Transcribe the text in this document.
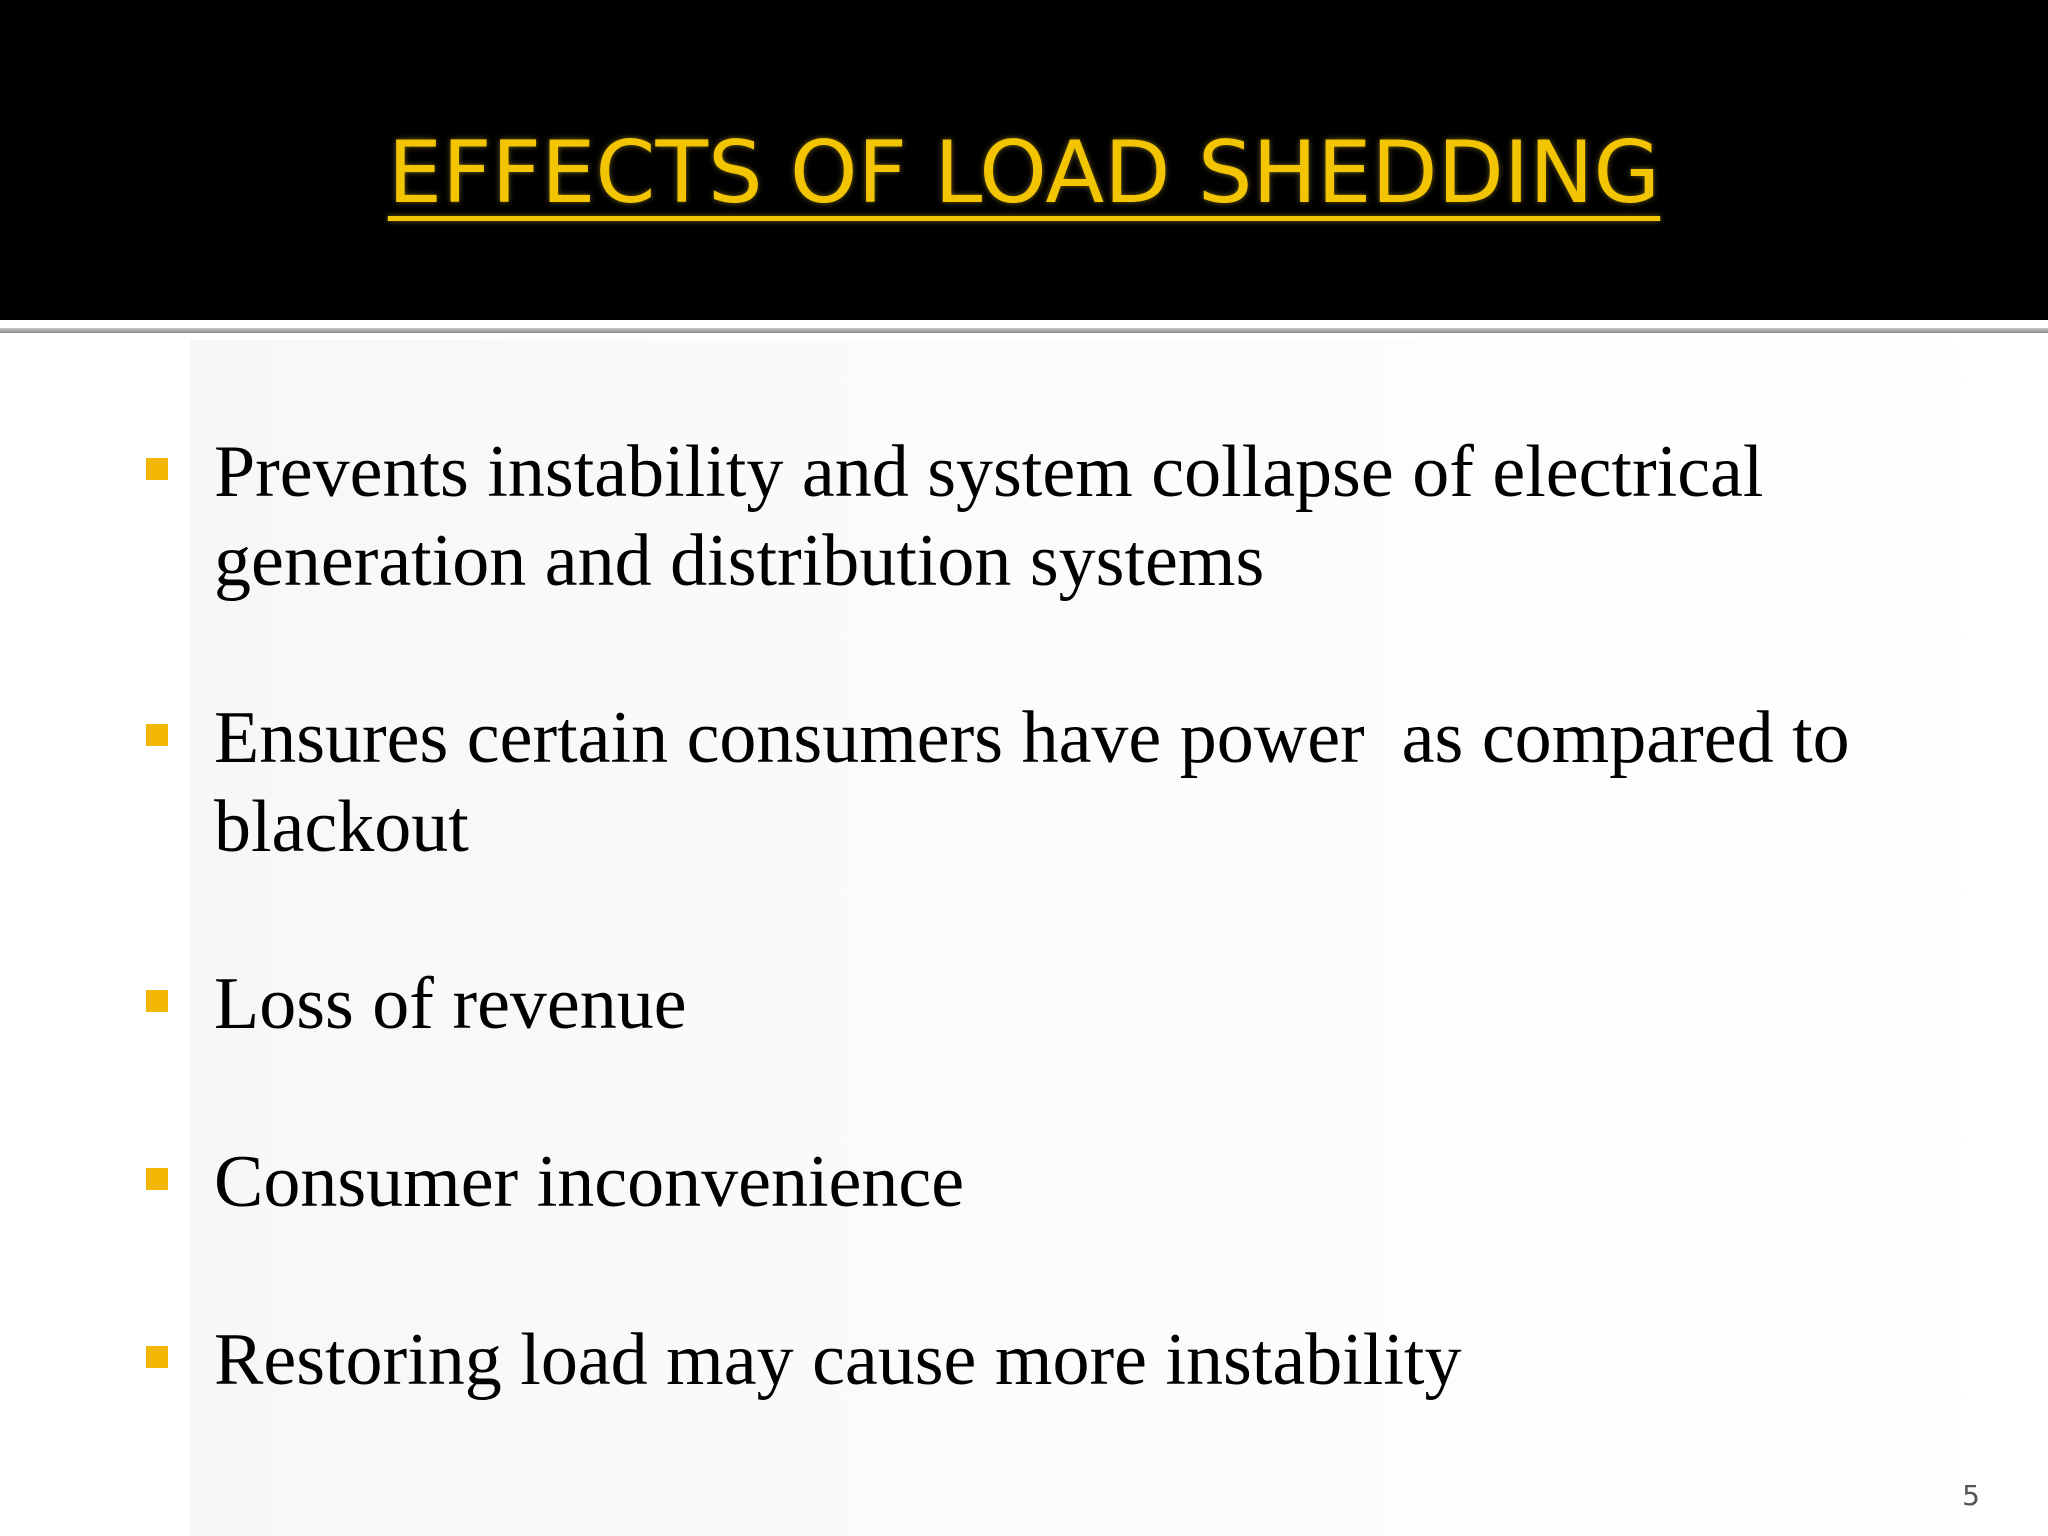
EFFECTS OF LOAD SHEDDING
Prevents instability and system collapse of electrical
generation and distribution systems
Ensures certain consumers have power  as compared to
blackout
Loss of revenue
Consumer inconvenience
Restoring load may cause more instability
5
